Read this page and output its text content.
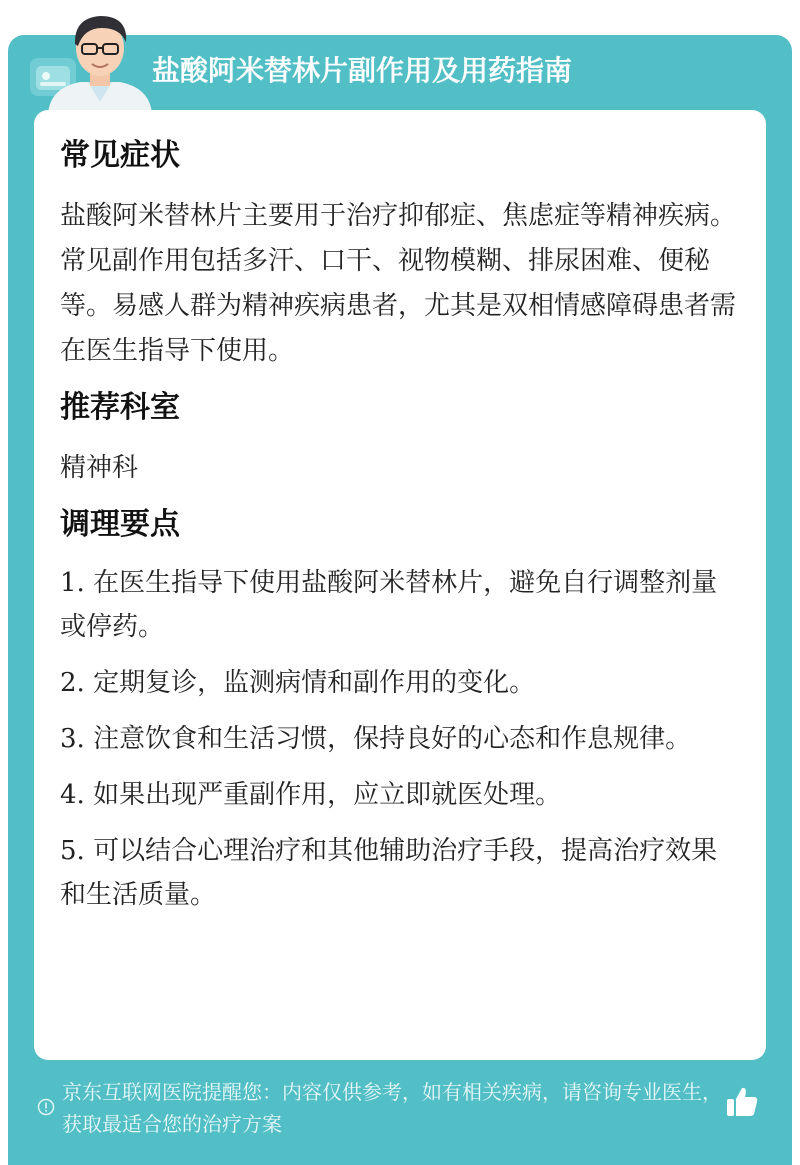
盐酸阿米替林片副作用及用药指南
常见症状

盐酸阿米替林片主要用于治疗抑郁症、焦虑症等精神疾病。常见副作用包括多汗、口干、视物模糊、排尿困难、便秘等。易感人群为精神疾病患者，尤其是双相情感障碍患者需在医生指导下使用。

推荐科室

精神科

调理要点
1. 在医生指导下使用盐酸阿米替林片，避免自行调整剂量或停药。
2. 定期复诊，监测病情和副作用的变化。
3. 注意饮食和生活习惯，保持良好的心态和作息规律。
4. 如果出现严重副作用，应立即就医处理。
5. 可以结合心理治疗和其他辅助治疗手段，提高治疗效果和生活质量。
京东互联网医院提醒您：内容仅供参考，如有相关疾病，请咨询专业医生，获取最适合您的治疗方案
